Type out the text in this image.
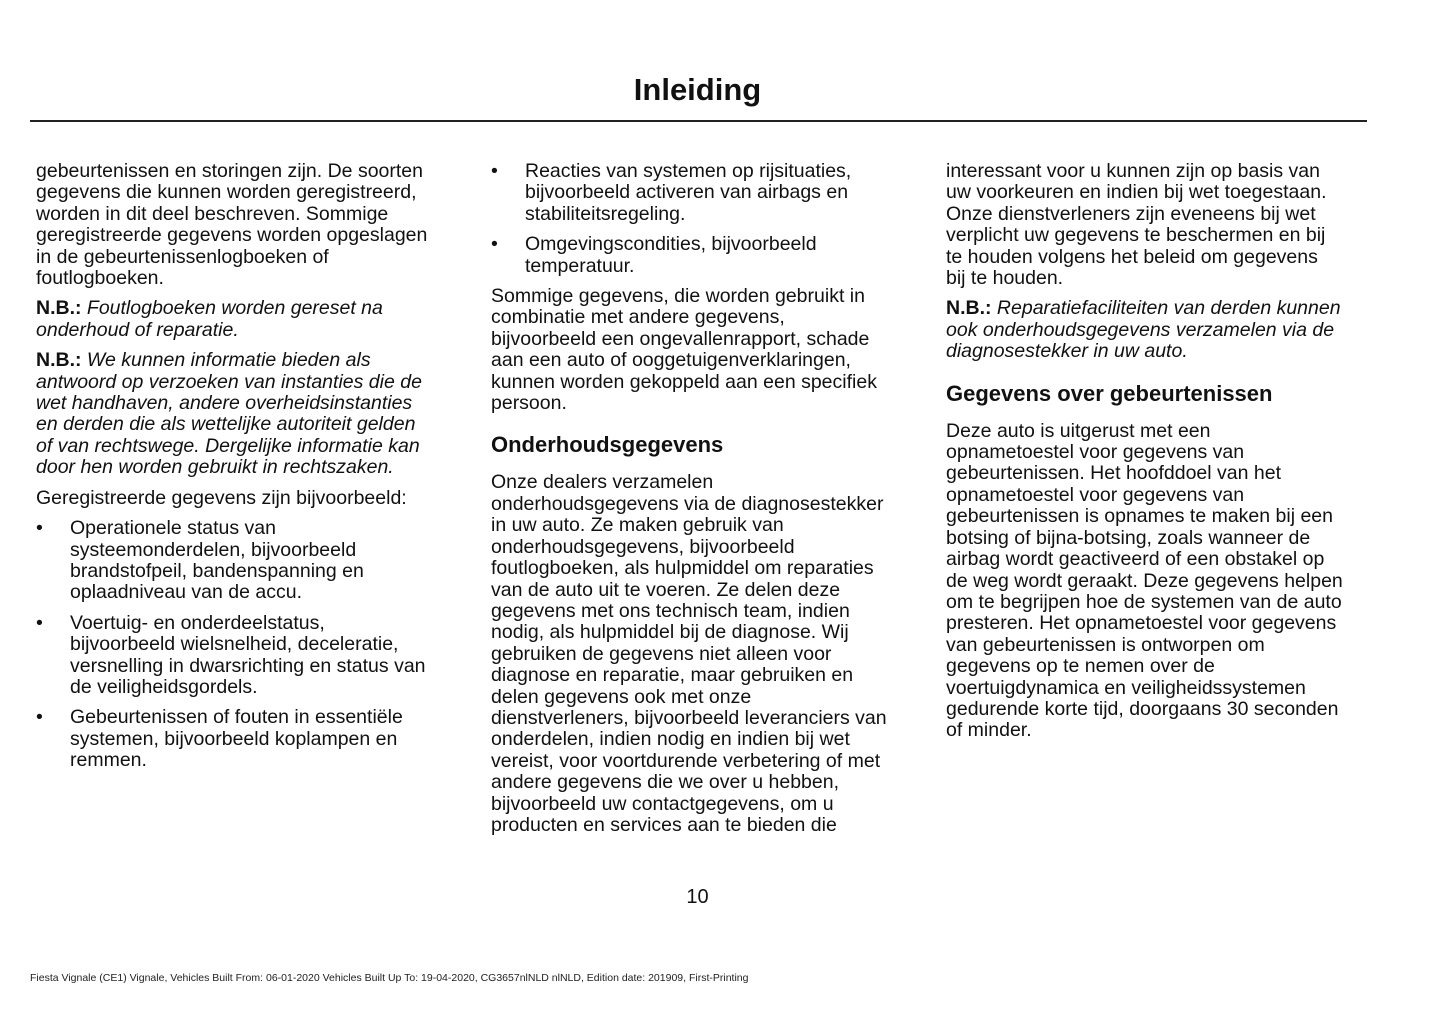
Inleiding
gebeurtenissen en storingen zijn. De soorten
gegevens die kunnen worden geregistreerd,
worden in dit deel beschreven. Sommige
geregistreerde gegevens worden opgeslagen
in de gebeurtenissenlogboeken of
foutlogboeken.
N.B.: Foutlogboeken worden gereset na
onderhoud of reparatie.
N.B.: We kunnen informatie bieden als
antwoord op verzoeken van instanties die de
wet handhaven, andere overheidsinstanties
en derden die als wettelijke autoriteit gelden
of van rechtswege. Dergelijke informatie kan
door hen worden gebruikt in rechtszaken.
Geregistreerde gegevens zijn bijvoorbeeld:
• Operationele status van
systeemonderdelen, bijvoorbeeld
brandstofpeil, bandenspanning en
oplaadniveau van de accu.
• Voertuig- en onderdeelstatus,
bijvoorbeeld wielsnelheid, deceleratie,
versnelling in dwarsrichting en status van
de veiligheidsgordels.
• Gebeurtenissen of fouten in essentiële
systemen, bijvoorbeeld koplampen en
remmen.
• Reacties van systemen op rijsituaties,
bijvoorbeeld activeren van airbags en
stabiliteitsregeling.
• Omgevingscondities, bijvoorbeeld
temperatuur.
Sommige gegevens, die worden gebruikt in
combinatie met andere gegevens,
bijvoorbeeld een ongevallenrapport, schade
aan een auto of ooggetuigenverklaringen,
kunnen worden gekoppeld aan een specifiek
persoon.
Onderhoudsgegevens
Onze dealers verzamelen
onderhoudsgegevens via de diagnosestekker
in uw auto. Ze maken gebruik van
onderhoudsgegevens, bijvoorbeeld
foutlogboeken, als hulpmiddel om reparaties
van de auto uit te voeren. Ze delen deze
gegevens met ons technisch team, indien
nodig, als hulpmiddel bij de diagnose. Wij
gebruiken de gegevens niet alleen voor
diagnose en reparatie, maar gebruiken en
delen gegevens ook met onze
dienstverleners, bijvoorbeeld leveranciers van
onderdelen, indien nodig en indien bij wet
vereist, voor voortdurende verbetering of met
andere gegevens die we over u hebben,
bijvoorbeeld uw contactgegevens, om u
producten en services aan te bieden die
interessant voor u kunnen zijn op basis van
uw voorkeuren en indien bij wet toegestaan.
Onze dienstverleners zijn eveneens bij wet
verplicht uw gegevens te beschermen en bij
te houden volgens het beleid om gegevens
bij te houden.
N.B.: Reparatiefaciliteiten van derden kunnen
ook onderhoudsgegevens verzamelen via de
diagnosestekker in uw auto.
Gegevens over gebeurtenissen
Deze auto is uitgerust met een
opnametoestel voor gegevens van
gebeurtenissen. Het hoofddoel van het
opnametoestel voor gegevens van
gebeurtenissen is opnames te maken bij een
botsing of bijna-botsing, zoals wanneer de
airbag wordt geactiveerd of een obstakel op
de weg wordt geraakt. Deze gegevens helpen
om te begrijpen hoe de systemen van de auto
presteren. Het opnametoestel voor gegevens
van gebeurtenissen is ontworpen om
gegevens op te nemen over de
voertuigdynamica en veiligheidssystemen
gedurende korte tijd, doorgaans 30 seconden
of minder.
10
Fiesta Vignale (CE1) Vignale, Vehicles Built From: 06-01-2020 Vehicles Built Up To: 19-04-2020, CG3657nlNLD nlNLD, Edition date: 201909, First-Printing
